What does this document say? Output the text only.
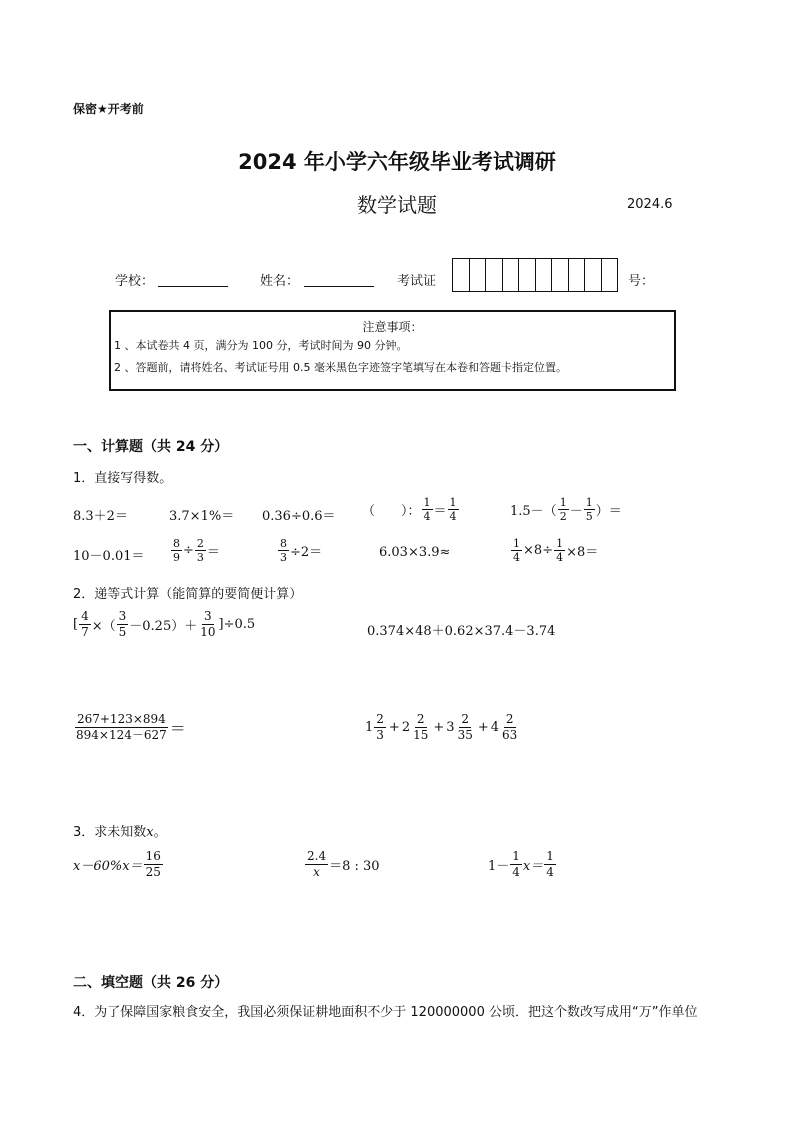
保密★开考前
2024 年小学六年级毕业考试调研
数学试题	2024.6
学校：	姓名：	考试证	号：
注意事项：
1 、本试卷共 4 页，满分为 100 分，考试时间为 90 分钟。
2 、答题前，请将姓名、考试证号用 0.5 毫米黑色字迹签字笔填写在本卷和答题卡指定位置。
一、计算题（共 24 分）
1．直接写得数。
8.3＋2＝	3.7×1%＝ 0.36÷0.6＝ （　　）： $\frac{1}{4} = \frac{1}{4}$	$1.5-( \frac{1}{2} - \frac{1}{5}$ ）＝
$10-0.01= \frac{8}{9} \div \frac{2}{3}$ ＝	$\frac{8}{3} \div 2=$	6.03×3.9≈	$\frac{1}{4} \times 8\div \frac{1}{4} \times 8=$
2．递等式计算（能简算的要简便计算）
[ $\frac{4}{7}$ ×（ $\frac{3}{5} -0.25)+ \frac{3}{10} ]\div 0.5$	0.374×48＋0.62×37.4－3.74
$\frac{267+123\times 894}{894\times 124-627}$ ＝	$1 \frac{2}{3} + 2 \frac{2}{15} + 3 \frac{2}{35} + 4 \frac{2}{63}$
3．求未知数x。
$x-60\%x= \frac{16}{25}$	$\frac{2.4}{x} =8$ : 30	$1- \frac{1}{4} x= \frac{1}{4}$
二、填空题（共 26 分）
4．为了保障国家粮食安全，我国必须保证耕地面积不少于 120000000 公顷．把这个数改写成用“万”作单位
